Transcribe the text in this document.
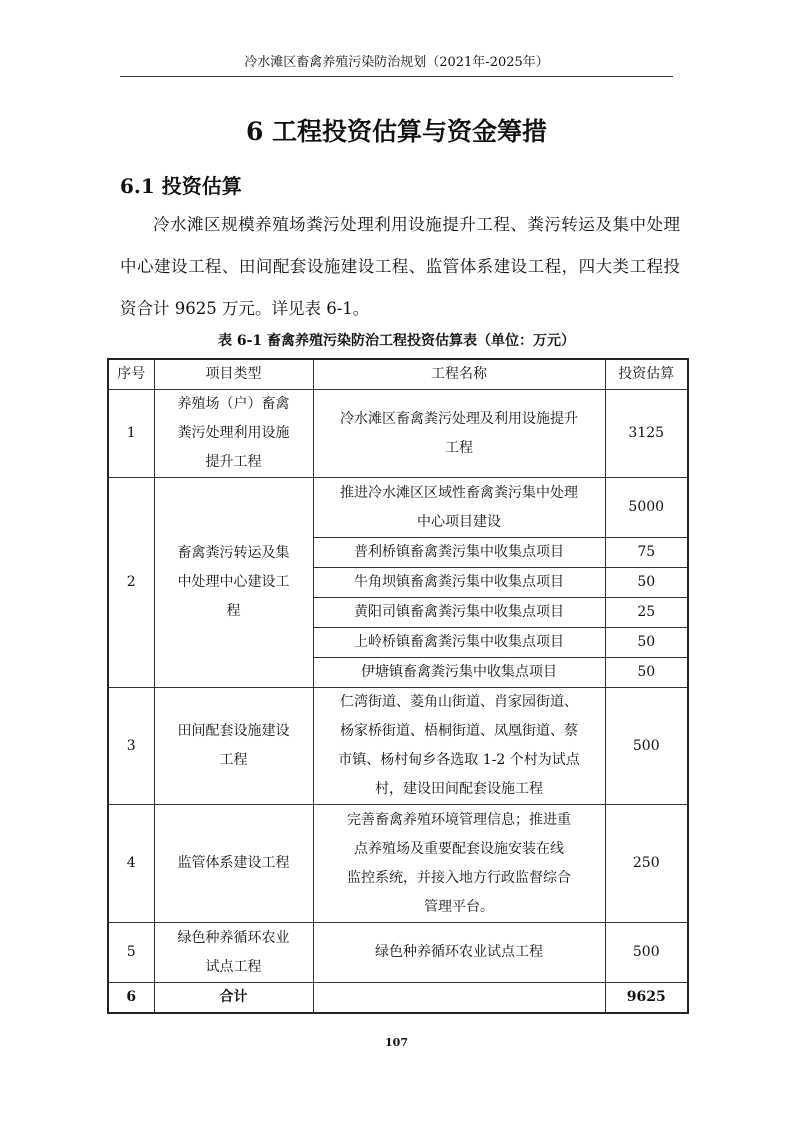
冷水滩区畜禽养殖污染防治规划（2021年-2025年）
6 工程投资估算与资金筹措
6.1 投资估算
冷水滩区规模养殖场粪污处理利用设施提升工程、粪污转运及集中处理中心建设工程、田间配套设施建设工程、监管体系建设工程，四大类工程投资合计 9625 万元。详见表 6-1。
表 6-1 畜禽养殖污染防治工程投资估算表（单位：万元）
序号	项目类型	工程名称	投资估算
1	养殖场（户）畜禽
粪污处理利用设施
提升工程	冷水滩区畜禽粪污处理及利用设施提升
工程	3125
2	畜禽粪污转运及集
中处理中心建设工
程	推进冷水滩区区域性畜禽粪污集中处理
中心项目建设	5000
		普利桥镇畜禽粪污集中收集点项目	75
		牛角坝镇畜禽粪污集中收集点项目	50
		黄阳司镇畜禽粪污集中收集点项目	25
		上岭桥镇畜禽粪污集中收集点项目	50
		伊塘镇畜禽粪污集中收集点项目	50
3	田间配套设施建设
工程	仁湾街道、菱角山街道、肖家园街道、
杨家桥街道、梧桐街道、凤凰街道、蔡
市镇、杨村甸乡各选取 1-2 个村为试点
村，建设田间配套设施工程	500
4	监管体系建设工程	完善畜禽养殖环境管理信息；推进重
点养殖场及重要配套设施安装在线
监控系统，并接入地方行政监督综合
管理平台。	250
5	绿色种养循环农业
试点工程	绿色种养循环农业试点工程	500
6	合计		9625
107
